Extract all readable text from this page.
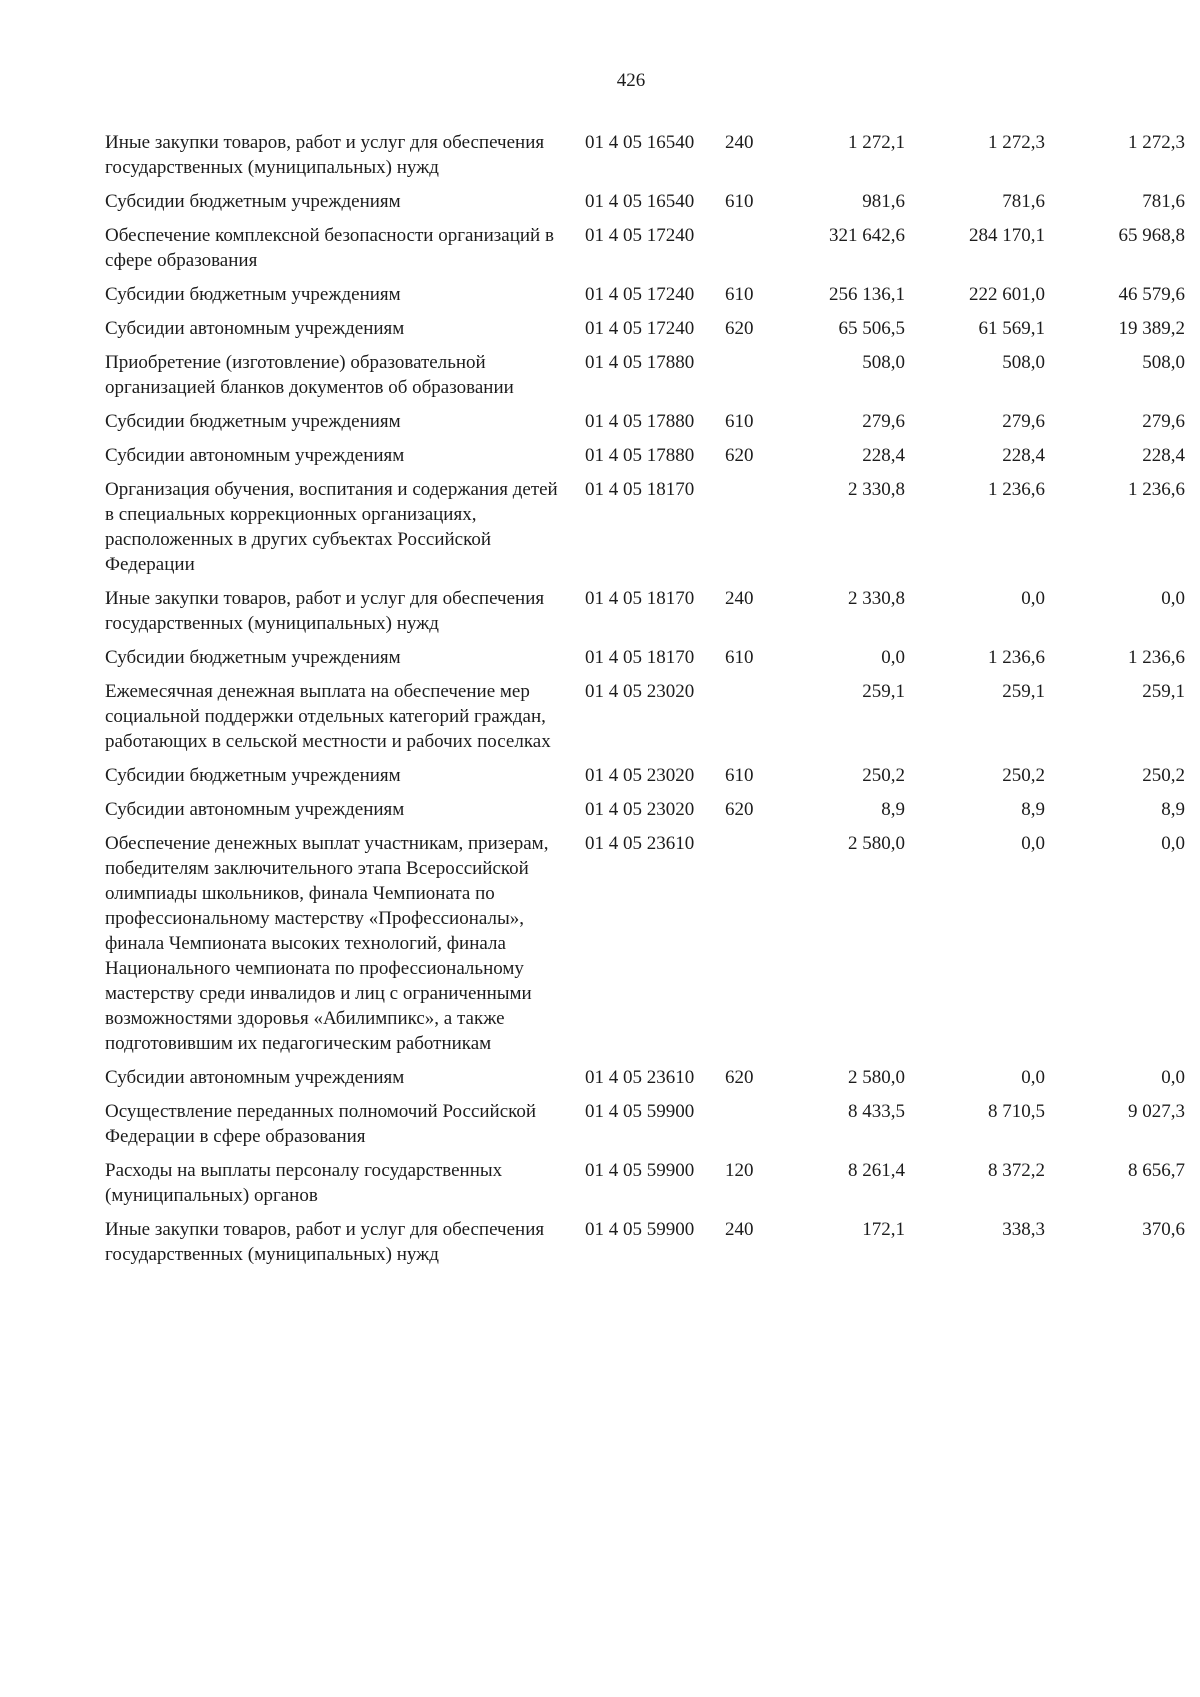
426
Иные закупки товаров, работ и услуг для обеспечения государственных (муниципальных) нужд	01 4 05 16540	240	1 272,1	1 272,3	1 272,3
Субсидии бюджетным учреждениям	01 4 05 16540	610	981,6	781,6	781,6
Обеспечение комплексной безопасности организаций в сфере образования	01 4 05 17240		321 642,6	284 170,1	65 968,8
Субсидии бюджетным учреждениям	01 4 05 17240	610	256 136,1	222 601,0	46 579,6
Субсидии автономным учреждениям	01 4 05 17240	620	65 506,5	61 569,1	19 389,2
Приобретение (изготовление) образовательной организацией бланков документов об образовании	01 4 05 17880		508,0	508,0	508,0
Субсидии бюджетным учреждениям	01 4 05 17880	610	279,6	279,6	279,6
Субсидии автономным учреждениям	01 4 05 17880	620	228,4	228,4	228,4
Организация обучения, воспитания и содержания детей в специальных коррекционных организациях, расположенных в других субъектах Российской Федерации	01 4 05 18170		2 330,8	1 236,6	1 236,6
Иные закупки товаров, работ и услуг для обеспечения государственных (муниципальных) нужд	01 4 05 18170	240	2 330,8	0,0	0,0
Субсидии бюджетным учреждениям	01 4 05 18170	610	0,0	1 236,6	1 236,6
Ежемесячная денежная выплата на обеспечение мер социальной поддержки отдельных категорий граждан, работающих в сельской местности и рабочих поселках	01 4 05 23020		259,1	259,1	259,1
Субсидии бюджетным учреждениям	01 4 05 23020	610	250,2	250,2	250,2
Субсидии автономным учреждениям	01 4 05 23020	620	8,9	8,9	8,9
Обеспечение денежных выплат участникам, призерам, победителям заключительного этапа Всероссийской олимпиады школьников, финала Чемпионата по профессиональному мастерству «Профессионалы», финала Чемпионата высоких технологий, финала Национального чемпионата по профессиональному мастерству среди инвалидов и лиц с ограниченными возможностями здоровья «Абилимпикс», а также подготовившим их педагогическим работникам	01 4 05 23610		2 580,0	0,0	0,0
Субсидии автономным учреждениям	01 4 05 23610	620	2 580,0	0,0	0,0
Осуществление переданных полномочий Российской Федерации в сфере образования	01 4 05 59900		8 433,5	8 710,5	9 027,3
Расходы на выплаты персоналу государственных (муниципальных) органов	01 4 05 59900	120	8 261,4	8 372,2	8 656,7
Иные закупки товаров, работ и услуг для обеспечения государственных (муниципальных) нужд	01 4 05 59900	240	172,1	338,3	370,6
